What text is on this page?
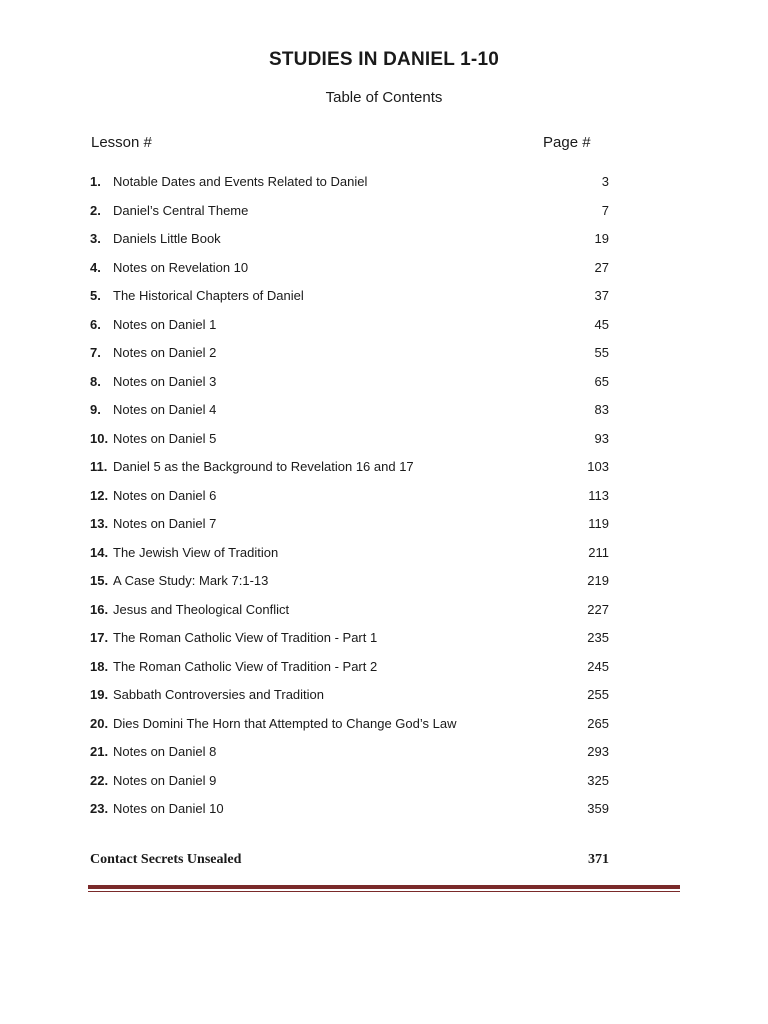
STUDIES IN DANIEL 1-10
Table of Contents
Lesson #	Page #
1. Notable Dates and Events Related to Daniel	3
2. Daniel’s Central Theme	7
3. Daniels Little Book	19
4. Notes on Revelation 10	27
5. The Historical Chapters of Daniel	37
6. Notes on Daniel 1	45
7. Notes on Daniel 2	55
8. Notes on Daniel 3	65
9. Notes on Daniel 4	83
10. Notes on Daniel 5	93
11. Daniel 5 as the Background to Revelation 16 and 17	103
12. Notes on Daniel 6	113
13. Notes on Daniel 7	119
14. The Jewish View of Tradition	211
15. A Case Study: Mark 7:1-13	219
16. Jesus and Theological Conflict	227
17. The Roman Catholic View of Tradition - Part 1	235
18. The Roman Catholic View of Tradition - Part 2	245
19. Sabbath Controversies and Tradition	255
20. Dies Domini The Horn that Attempted to Change God’s Law	265
21. Notes on Daniel 8	293
22. Notes on Daniel 9	325
23. Notes on Daniel 10	359
Contact Secrets Unsealed	371
